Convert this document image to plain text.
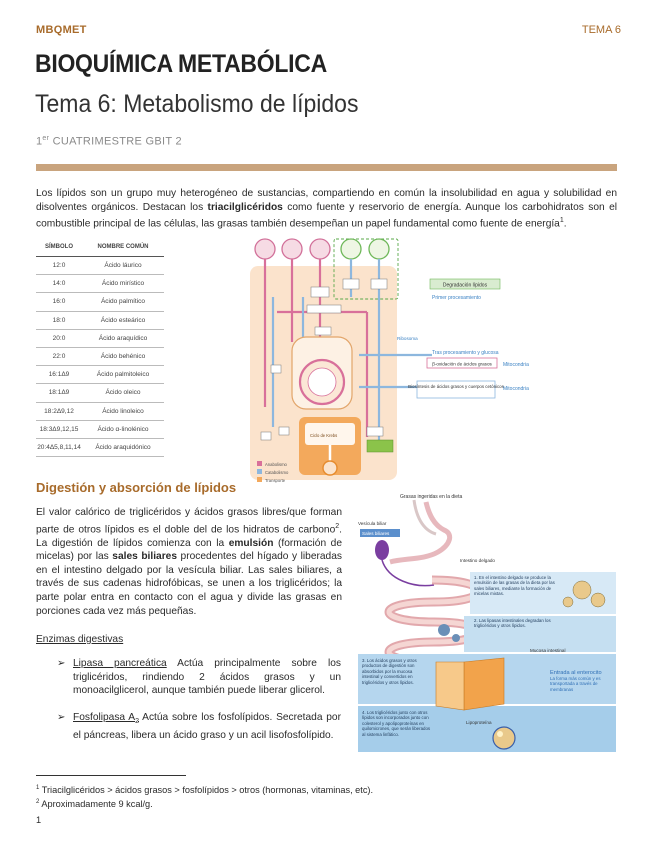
MBQMET	TEMA 6
BIOQUÍMICA METABÓLICA
Tema 6: Metabolismo de lípidos
1er CUATRIMESTRE GBIT 2
Los lípidos son un grupo muy heterogéneo de sustancias, compartiendo en común la insolubilidad en agua y solubilidad en disolventes orgánicos. Destacan los triacilglicéridos como fuente y reservorio de energía. Aunque los carbohidratos son el combustible principal de las células, las grasas también desempeñan un papel fundamental como fuente de energía$^1$.
SÍMBOLO	NOMBRE COMÚN
12:0	Ácido láurico
14:0	Ácido mirístico
16:0	Ácido palmítico
18:0	Ácido esteárico
20:0	Ácido araquídico
22:0	Ácido behénico
16:1Δ9	Ácido palmitoleico
18:1Δ9	Ácido oleico
18:2Δ9,12	Ácido linoleico
18:3Δ9,12,15	Ácido α-linolénico
20:4Δ5,8,11,14	Ácido araquidónico
Anabolismo
Catabolismo
Transporte
Degradación lípidos
Primer procesamiento
Ribosoma
Tras procesamiento y glucosa
β-oxidación de ácidos grasos Mitocondria
Biosíntesis de ácidos grasos y cuerpos cetónicos Mitocondria
Ciclo de Krebs
Digestión y absorción de lípidos
El valor calórico de triglicéridos y ácidos grasos libres/que forman parte de otros lípidos es el doble del de los hidratos de carbono$^2$. La digestión de lípidos comienza con la emulsión (formación de micelas) por las sales biliares procedentes del hígado y liberadas en el intestino delgado por la vesícula biliar. Las sales biliares, a través de sus cadenas hidrofóbicas, se unen a los triglicéridos; la parte polar entra en contacto con el agua y divide las grasas en porciones cada vez más pequeñas.
Enzimas digestivas
➢ Lipasa pancreática Actúa principalmente sobre los triglicéridos, rindiendo 2 ácidos grasos y un monoacilglicerol, aunque también puede liberar glicerol.
➢ Fosfolipasa $A_2$ Actúa sobre los fosfolípidos. Secretada por el páncreas, libera un ácido graso y un acil lisofosfolípido.
Grasas ingeridas en la dieta
Vesícula biliar
Sales biliares
Intestino delgado
1. En el intestino delgado se produce la emulsión de las grasas de la dieta por las sales biliares, mediante la formación de micelas mixtas.
2. Las lipasas intestinales degradan los triglicéridos y otros lípidos.
3. Los ácidos grasos y otros productos de digestión son absorbidos por la mucosa intestinal y convertidos en triglicéridos y otros lípidos.
Mucosa intestinal
Entrada al enterocito
La forma más común y es transportada a través de membranas
4. Los triglicéridos junto con otros lípidos son incorporados junto con colesterol y apolipoproteínas en quilomicrones, que serán liberados al sistema linfático.
Lipoproteína
$^1$ Triacilglicéridos > ácidos grasos > fosfolípidos > otros (hormonas, vitaminas, etc).
$^2$ Aproximadamente 9 kcal/g.
1
